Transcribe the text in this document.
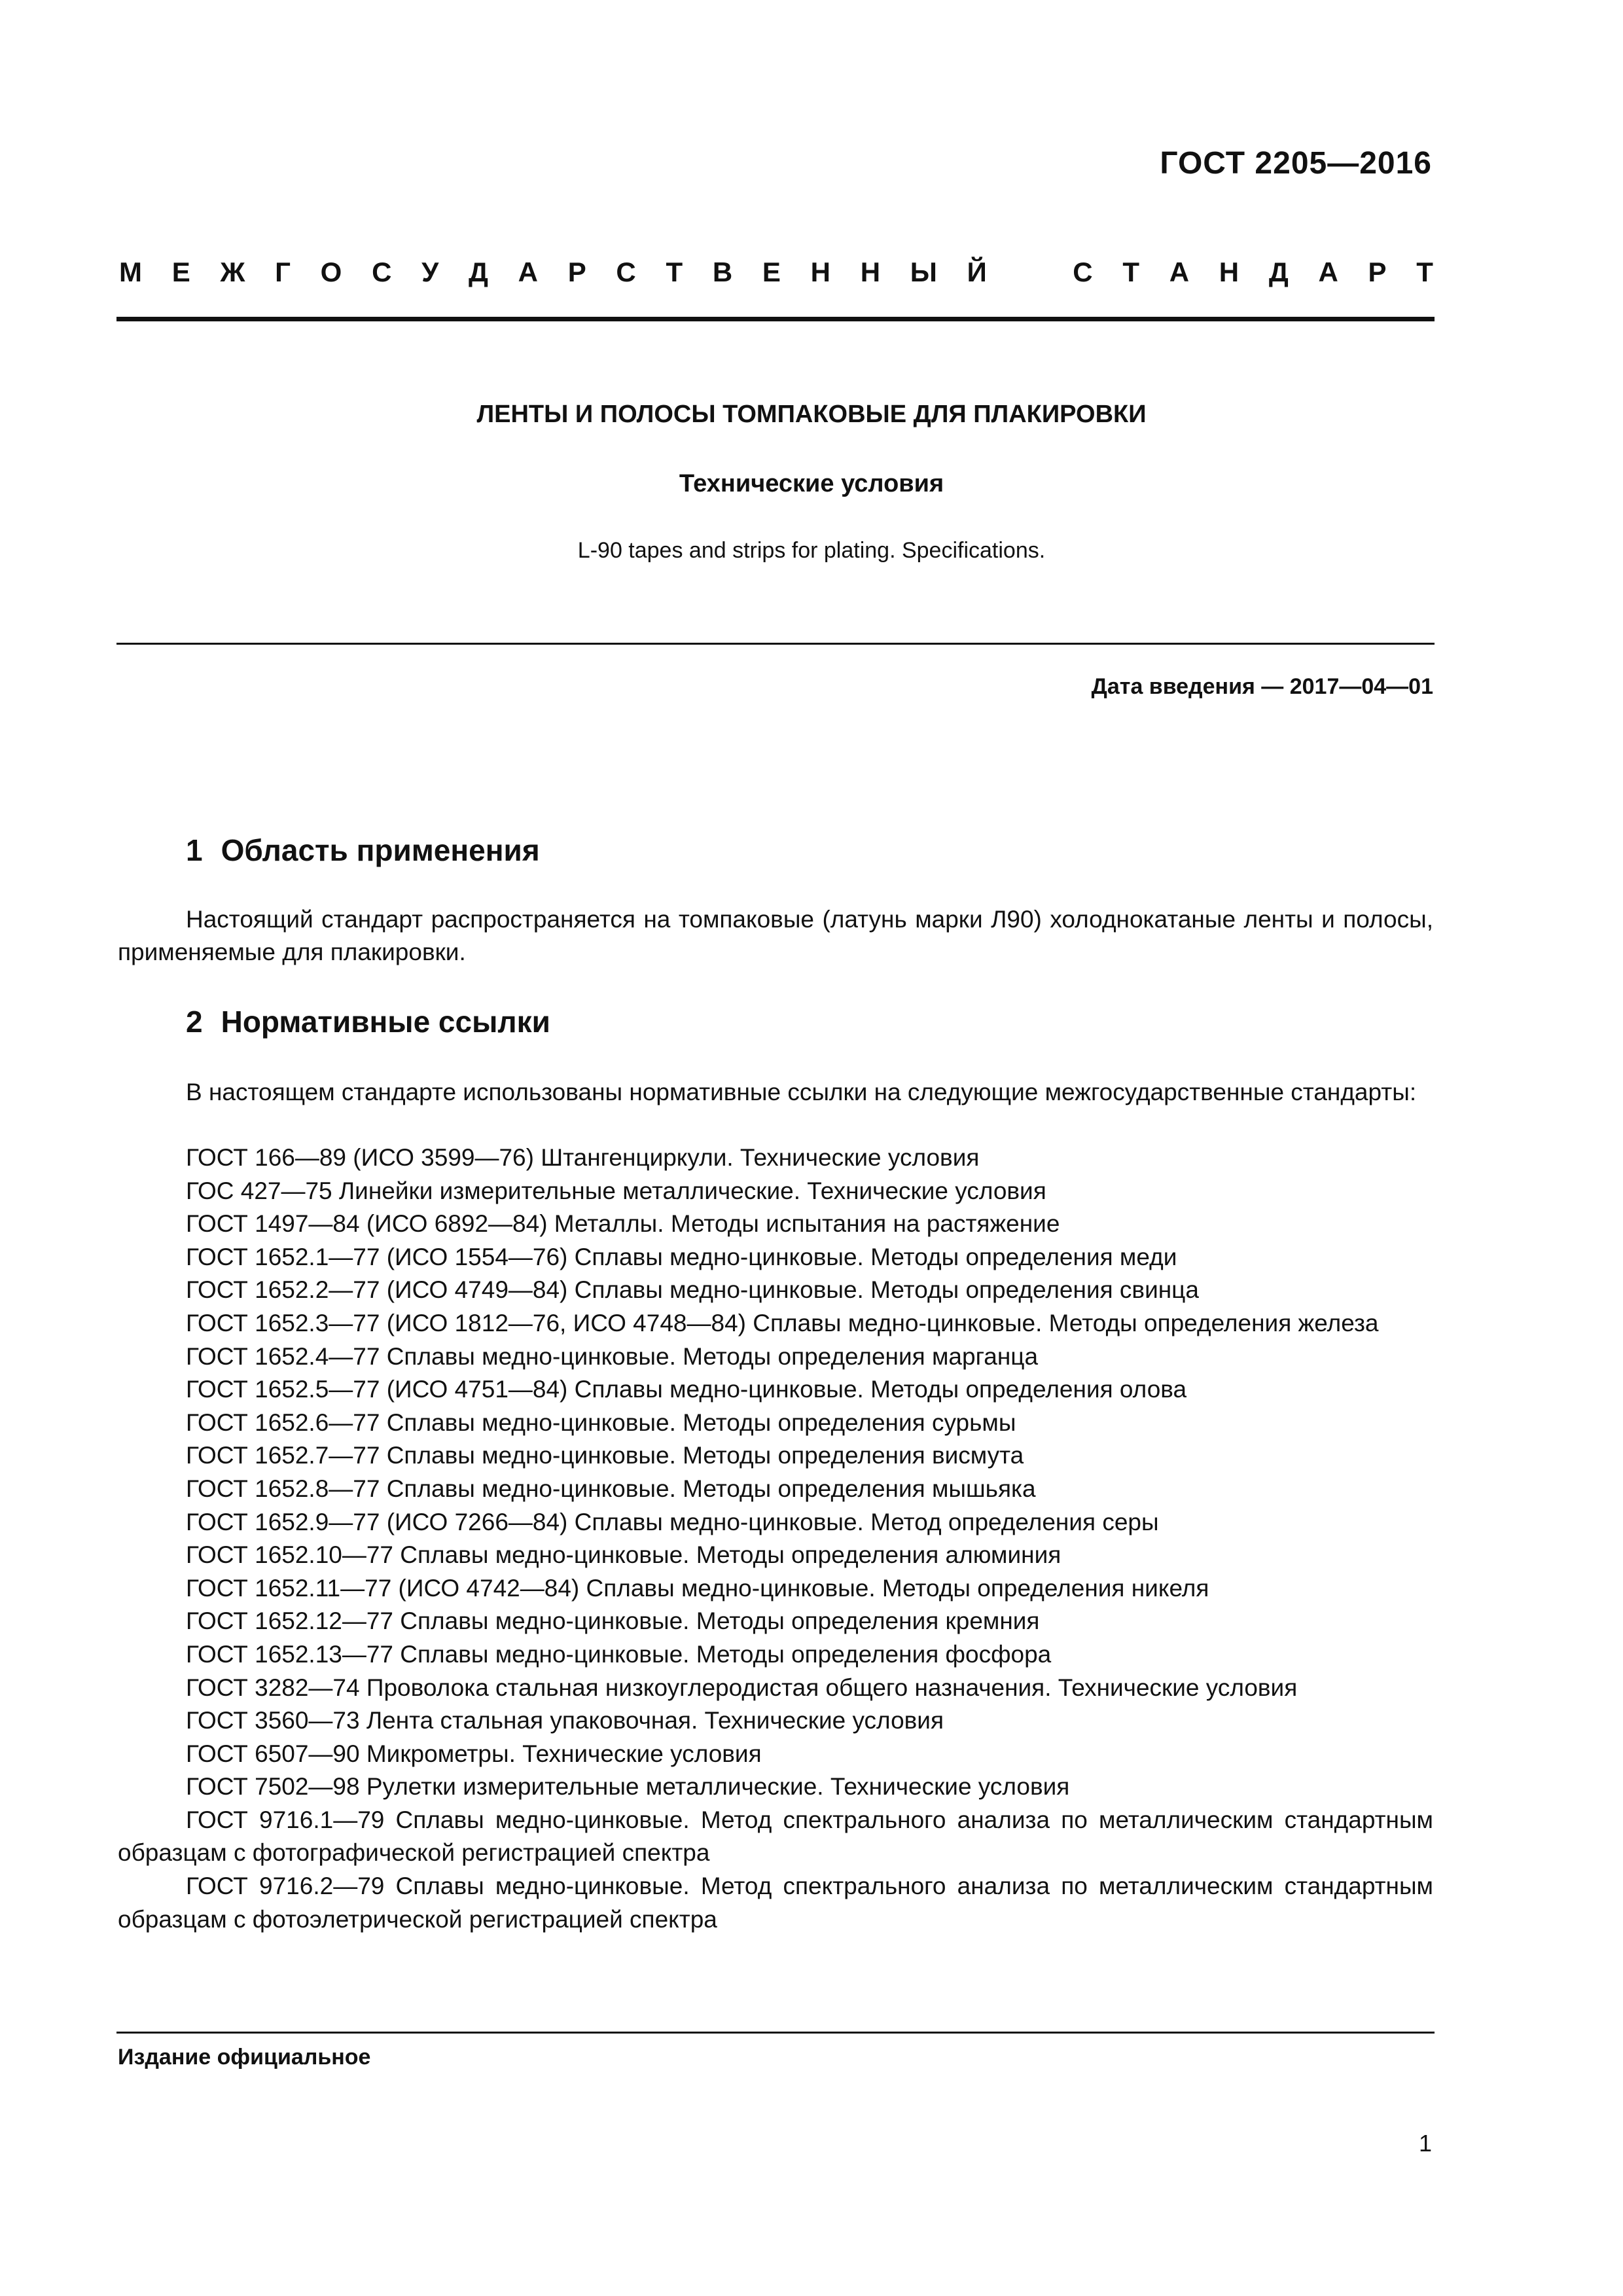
ГОСТ 2205—2016
М Е Ж Г О С У Д А Р С Т В Е Н Н Ы Й	С Т А Н Д А Р Т
ЛЕНТЫ И ПОЛОСЫ ТОМПАКОВЫЕ ДЛЯ ПЛАКИРОВКИ
Технические условия
L-90 tapes and strips for plating. Specifications.
Дата введения — 2017—04—01
1 Область применения

Настоящий стандарт распространяется на томпаковые (латунь марки Л90) холоднокатаные ленты и полосы, применяемые для плакировки.

2 Нормативные ссылки

В настоящем стандарте использованы нормативные ссылки на следующие межгосударственные стандарты:

ГОСТ 166—89 (ИСО 3599—76) Штангенциркули. Технические условия

ГОС 427—75 Линейки измерительные металлические. Технические условия

ГОСТ 1497—84 (ИСО 6892—84) Металлы. Методы испытания на растяжение

ГОСТ 1652.1—77 (ИСО 1554—76) Сплавы медно-цинковые. Методы определения меди

ГОСТ 1652.2—77 (ИСО 4749—84) Сплавы медно-цинковые. Методы определения свинца

ГОСТ 1652.3—77 (ИСО 1812—76, ИСО 4748—84) Сплавы медно-цинковые. Методы определения железа

ГОСТ 1652.4—77 Сплавы медно-цинковые. Методы определения марганца

ГОСТ 1652.5—77 (ИСО 4751—84) Сплавы медно-цинковые. Методы определения олова

ГОСТ 1652.6—77 Сплавы медно-цинковые. Методы определения сурьмы

ГОСТ 1652.7—77 Сплавы медно-цинковые. Методы определения висмута

ГОСТ 1652.8—77 Сплавы медно-цинковые. Методы определения мышьяка

ГОСТ 1652.9—77 (ИСО 7266—84) Сплавы медно-цинковые. Метод определения серы

ГОСТ 1652.10—77 Сплавы медно-цинковые. Методы определения алюминия

ГОСТ 1652.11—77 (ИСО 4742—84) Сплавы медно-цинковые. Методы определения никеля

ГОСТ 1652.12—77 Сплавы медно-цинковые. Методы определения кремния

ГОСТ 1652.13—77 Сплавы медно-цинковые. Методы определения фосфора

ГОСТ 3282—74 Проволока стальная низкоуглеродистая общего назначения. Технические условия

ГОСТ 3560—73 Лента стальная упаковочная. Технические условия

ГОСТ 6507—90 Микрометры. Технические условия

ГОСТ 7502—98 Рулетки измерительные металлические. Технические условия

ГОСТ 9716.1—79 Сплавы медно-цинковые. Метод спектрального анализа по металлическим стандартным образцам с фотографической регистрацией спектра

ГОСТ 9716.2—79 Сплавы медно-цинковые. Метод спектрального анализа по металлическим стандартным образцам с фотоэлетрической регистрацией спектра

Издание официальное
1
